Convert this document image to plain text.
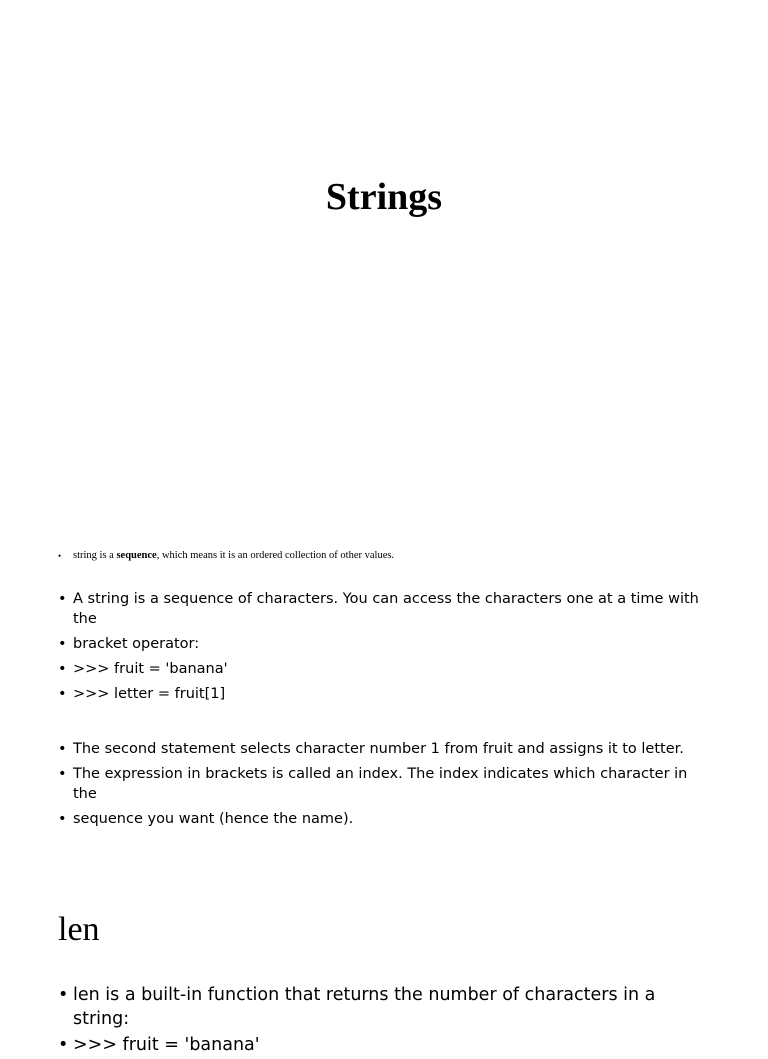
Strings
• string is a sequence, which means it is an ordered collection of other values.
• A string is a sequence of characters. You can access the characters one at a time with the
• bracket operator:
• >>> fruit = 'banana'
• >>> letter = fruit[1]
• The second statement selects character number 1 from fruit and assigns it to letter.
• The expression in brackets is called an index. The index indicates which character in the
• sequence you want (hence the name).
len
• len is a built-in function that returns the number of characters in a string:
• >>> fruit = 'banana'
